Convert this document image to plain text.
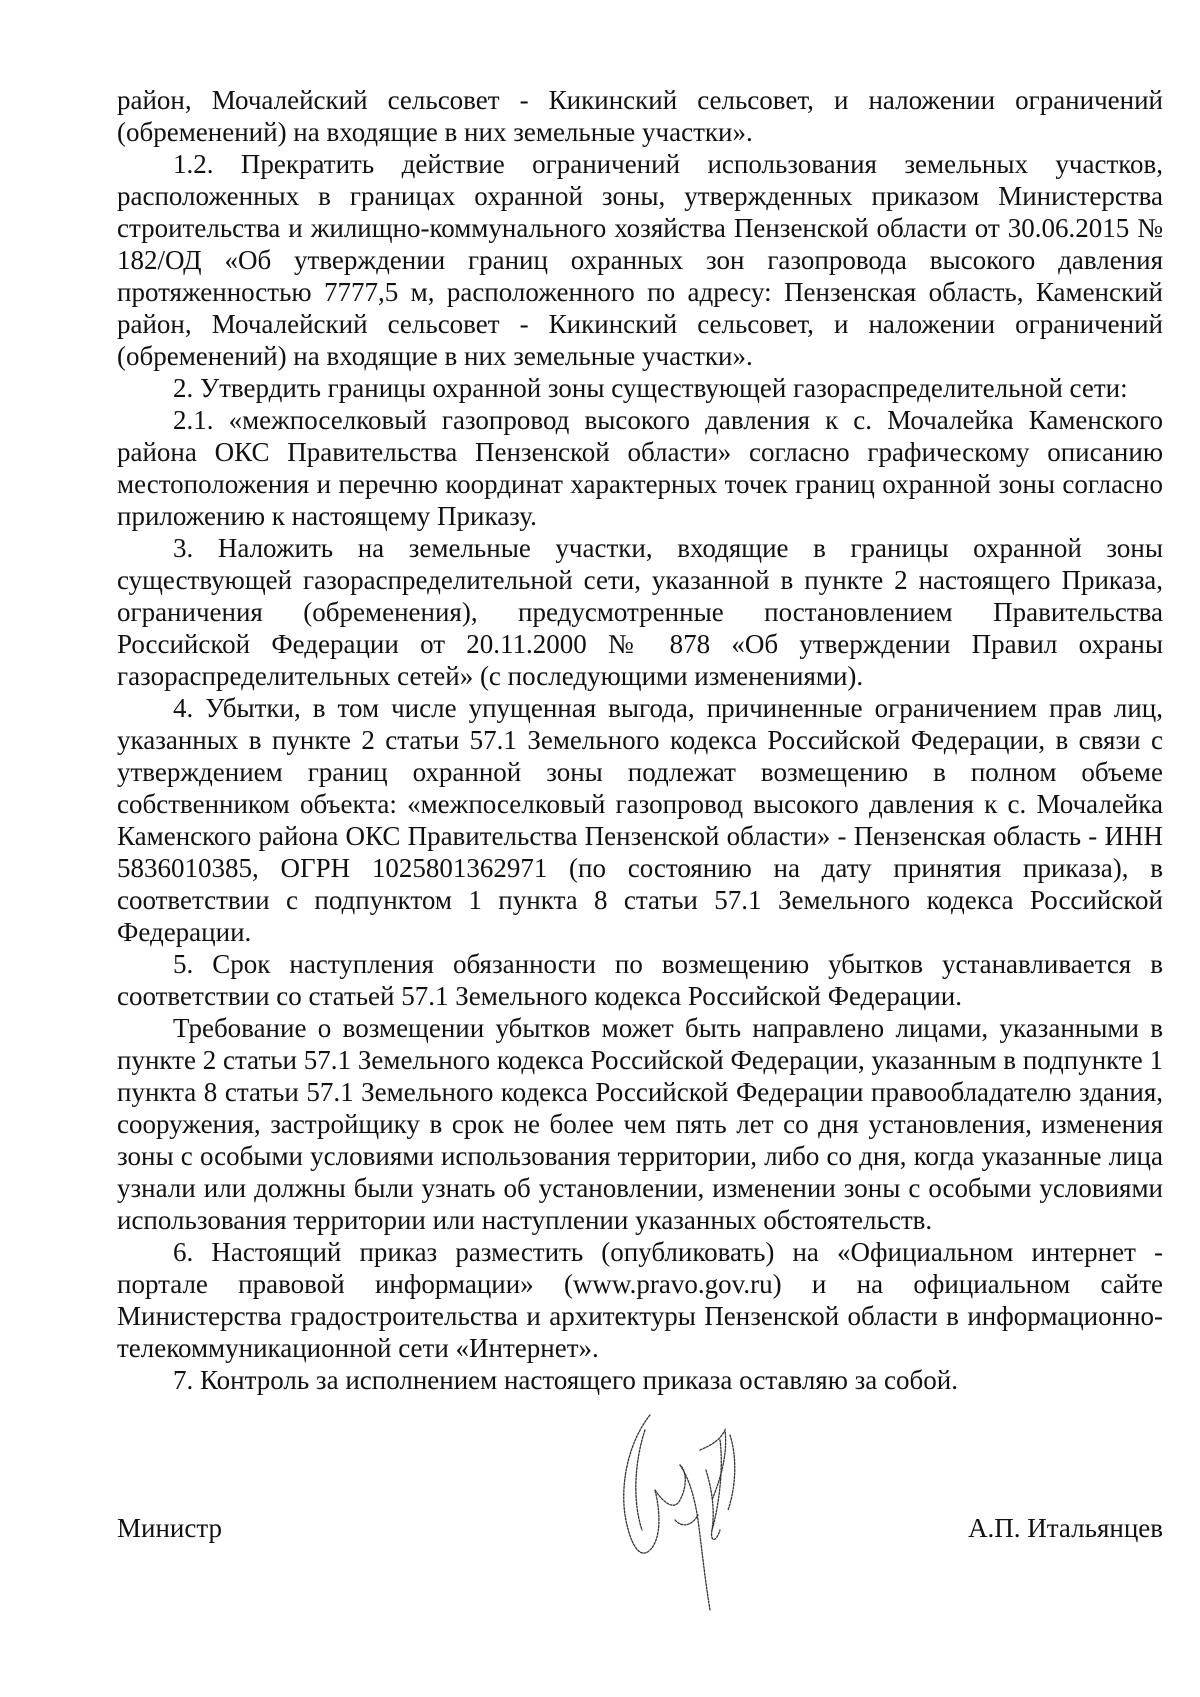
район, Мочалейский сельсовет - Кикинский сельсовет, и наложении ограничений (обременений) на входящие в них земельные участки».

1.2. Прекратить действие ограничений использования земельных участков, расположенных в границах охранной зоны, утвержденных приказом Министерства строительства и жилищно-коммунального хозяйства Пензенской области от 30.06.2015 № 182/ОД «Об утверждении границ охранных зон газопровода высокого давления протяженностью 7777,5 м, расположенного по адресу: Пензенская область, Каменский район, Мочалейский сельсовет - Кикинский сельсовет, и наложении ограничений (обременений) на входящие в них земельные участки».

2. Утвердить границы охранной зоны существующей газораспределительной сети:

2.1. «межпоселковый газопровод высокого давления к с. Мочалейка Каменского района ОКС Правительства Пензенской области» согласно графическому описанию местоположения и перечню координат характерных точек границ охранной зоны согласно приложению к настоящему Приказу.

3. Наложить на земельные участки, входящие в границы охранной зоны существующей газораспределительной сети, указанной в пункте 2 настоящего Приказа, ограничения (обременения), предусмотренные постановлением Правительства Российской Федерации от 20.11.2000 № 878 «Об утверждении Правил охраны газораспределительных сетей» (с последующими изменениями).

4. Убытки, в том числе упущенная выгода, причиненные ограничением прав лиц, указанных в пункте 2 статьи 57.1 Земельного кодекса Российской Федерации, в связи с утверждением границ охранной зоны подлежат возмещению в полном объеме собственником объекта: «межпоселковый газопровод высокого давления к с. Мочалейка Каменского района ОКС Правительства Пензенской области» - Пензенская область - ИНН 5836010385, ОГРН 1025801362971 (по состоянию на дату принятия приказа), в соответствии с подпунктом 1 пункта 8 статьи 57.1 Земельного кодекса Российской Федерации.

5. Срок наступления обязанности по возмещению убытков устанавливается в соответствии со статьей 57.1 Земельного кодекса Российской Федерации.

Требование о возмещении убытков может быть направлено лицами, указанными в пункте 2 статьи 57.1 Земельного кодекса Российской Федерации, указанным в подпункте 1 пункта 8 статьи 57.1 Земельного кодекса Российской Федерации правообладателю здания, сооружения, застройщику в срок не более чем пять лет со дня установления, изменения зоны с особыми условиями использования территории, либо со дня, когда указанные лица узнали или должны были узнать об установлении, изменении зоны с особыми условиями использования территории или наступлении указанных обстоятельств.

6. Настоящий приказ разместить (опубликовать) на «Официальном интернет - портале правовой информации» (www.pravo.gov.ru) и на официальном сайте Министерства градостроительства и архитектуры Пензенской области в информационно-телекоммуникационной сети «Интернет».

7. Контроль за исполнением настоящего приказа оставляю за собой.

Министр	А.П. Итальянцев
